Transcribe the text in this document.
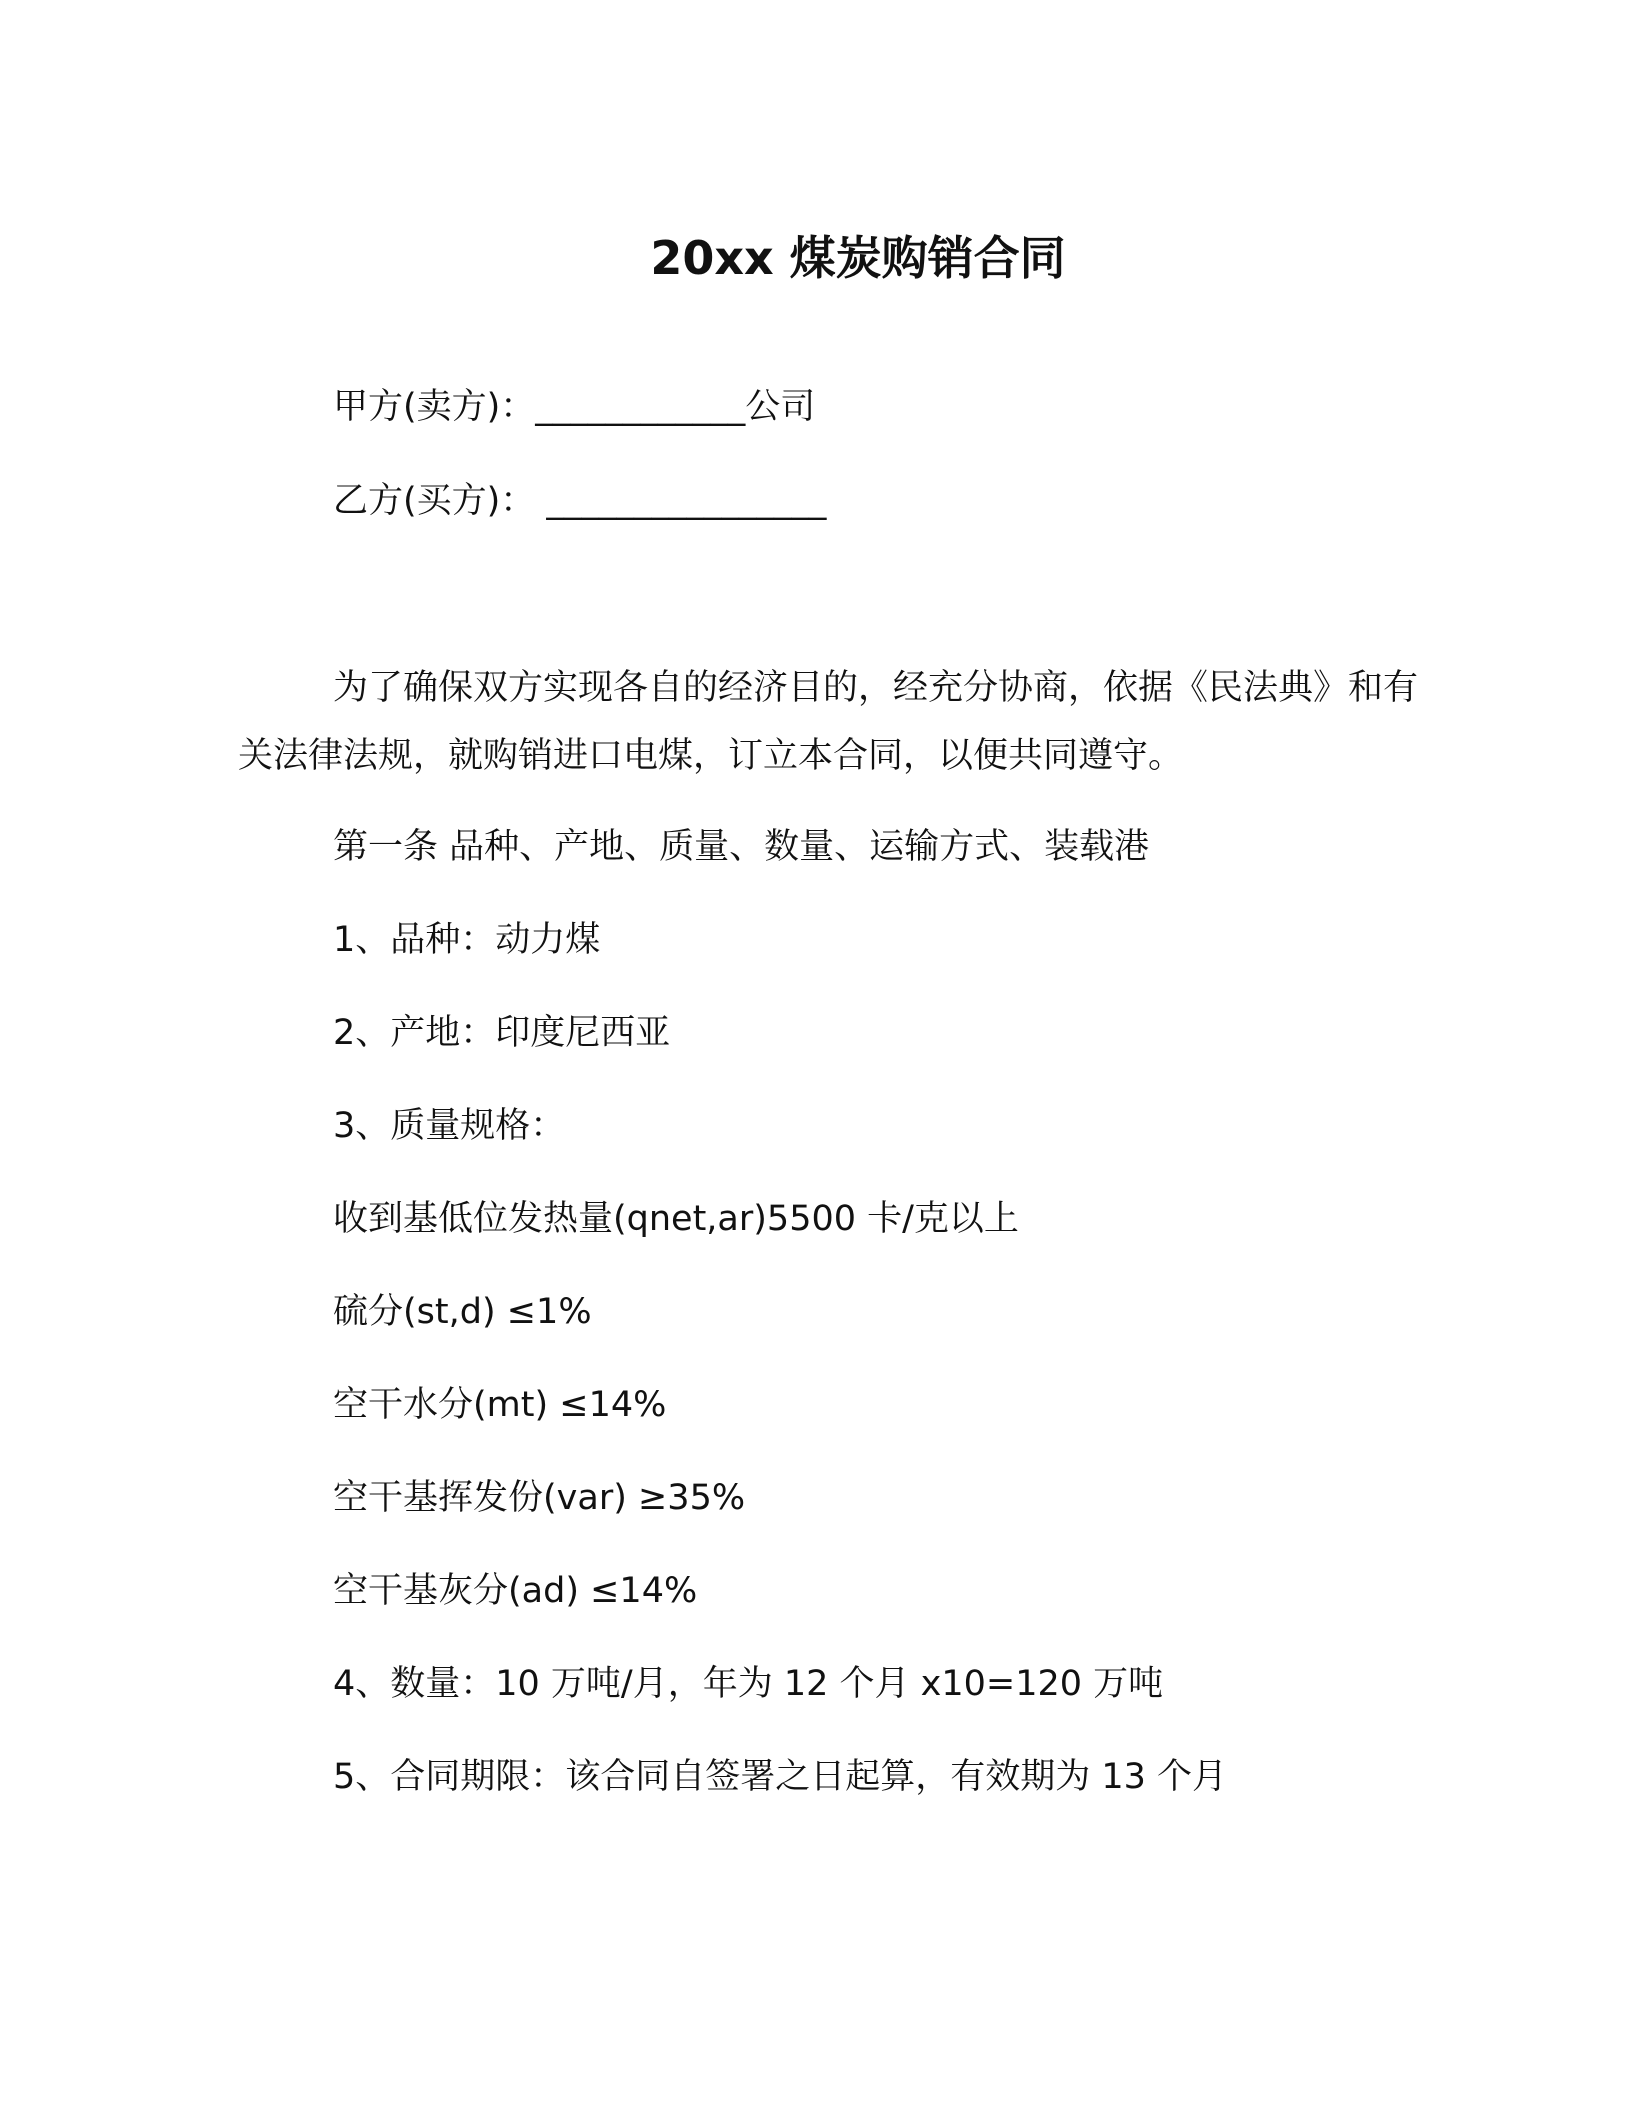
20xx 煤炭购销合同
甲方(卖方)：____________公司
乙方(买方)： ________________
为了确保双方实现各自的经济目的，经充分协商，依据《民法典》和有关法律法规，就购销进口电煤，订立本合同，以便共同遵守。
第一条 品种、产地、质量、数量、运输方式、装载港
1、品种：动力煤
2、产地：印度尼西亚
3、质量规格：
收到基低位发热量(qnet,ar)5500 卡/克以上
硫分(st,d) ≤1%
空干水分(mt) ≤14%
空干基挥发份(var) ≥35%
空干基灰分(ad) ≤14%
4、数量：10 万吨/月，年为 12 个月 x10=120 万吨
5、合同期限：该合同自签署之日起算，有效期为 13 个月
